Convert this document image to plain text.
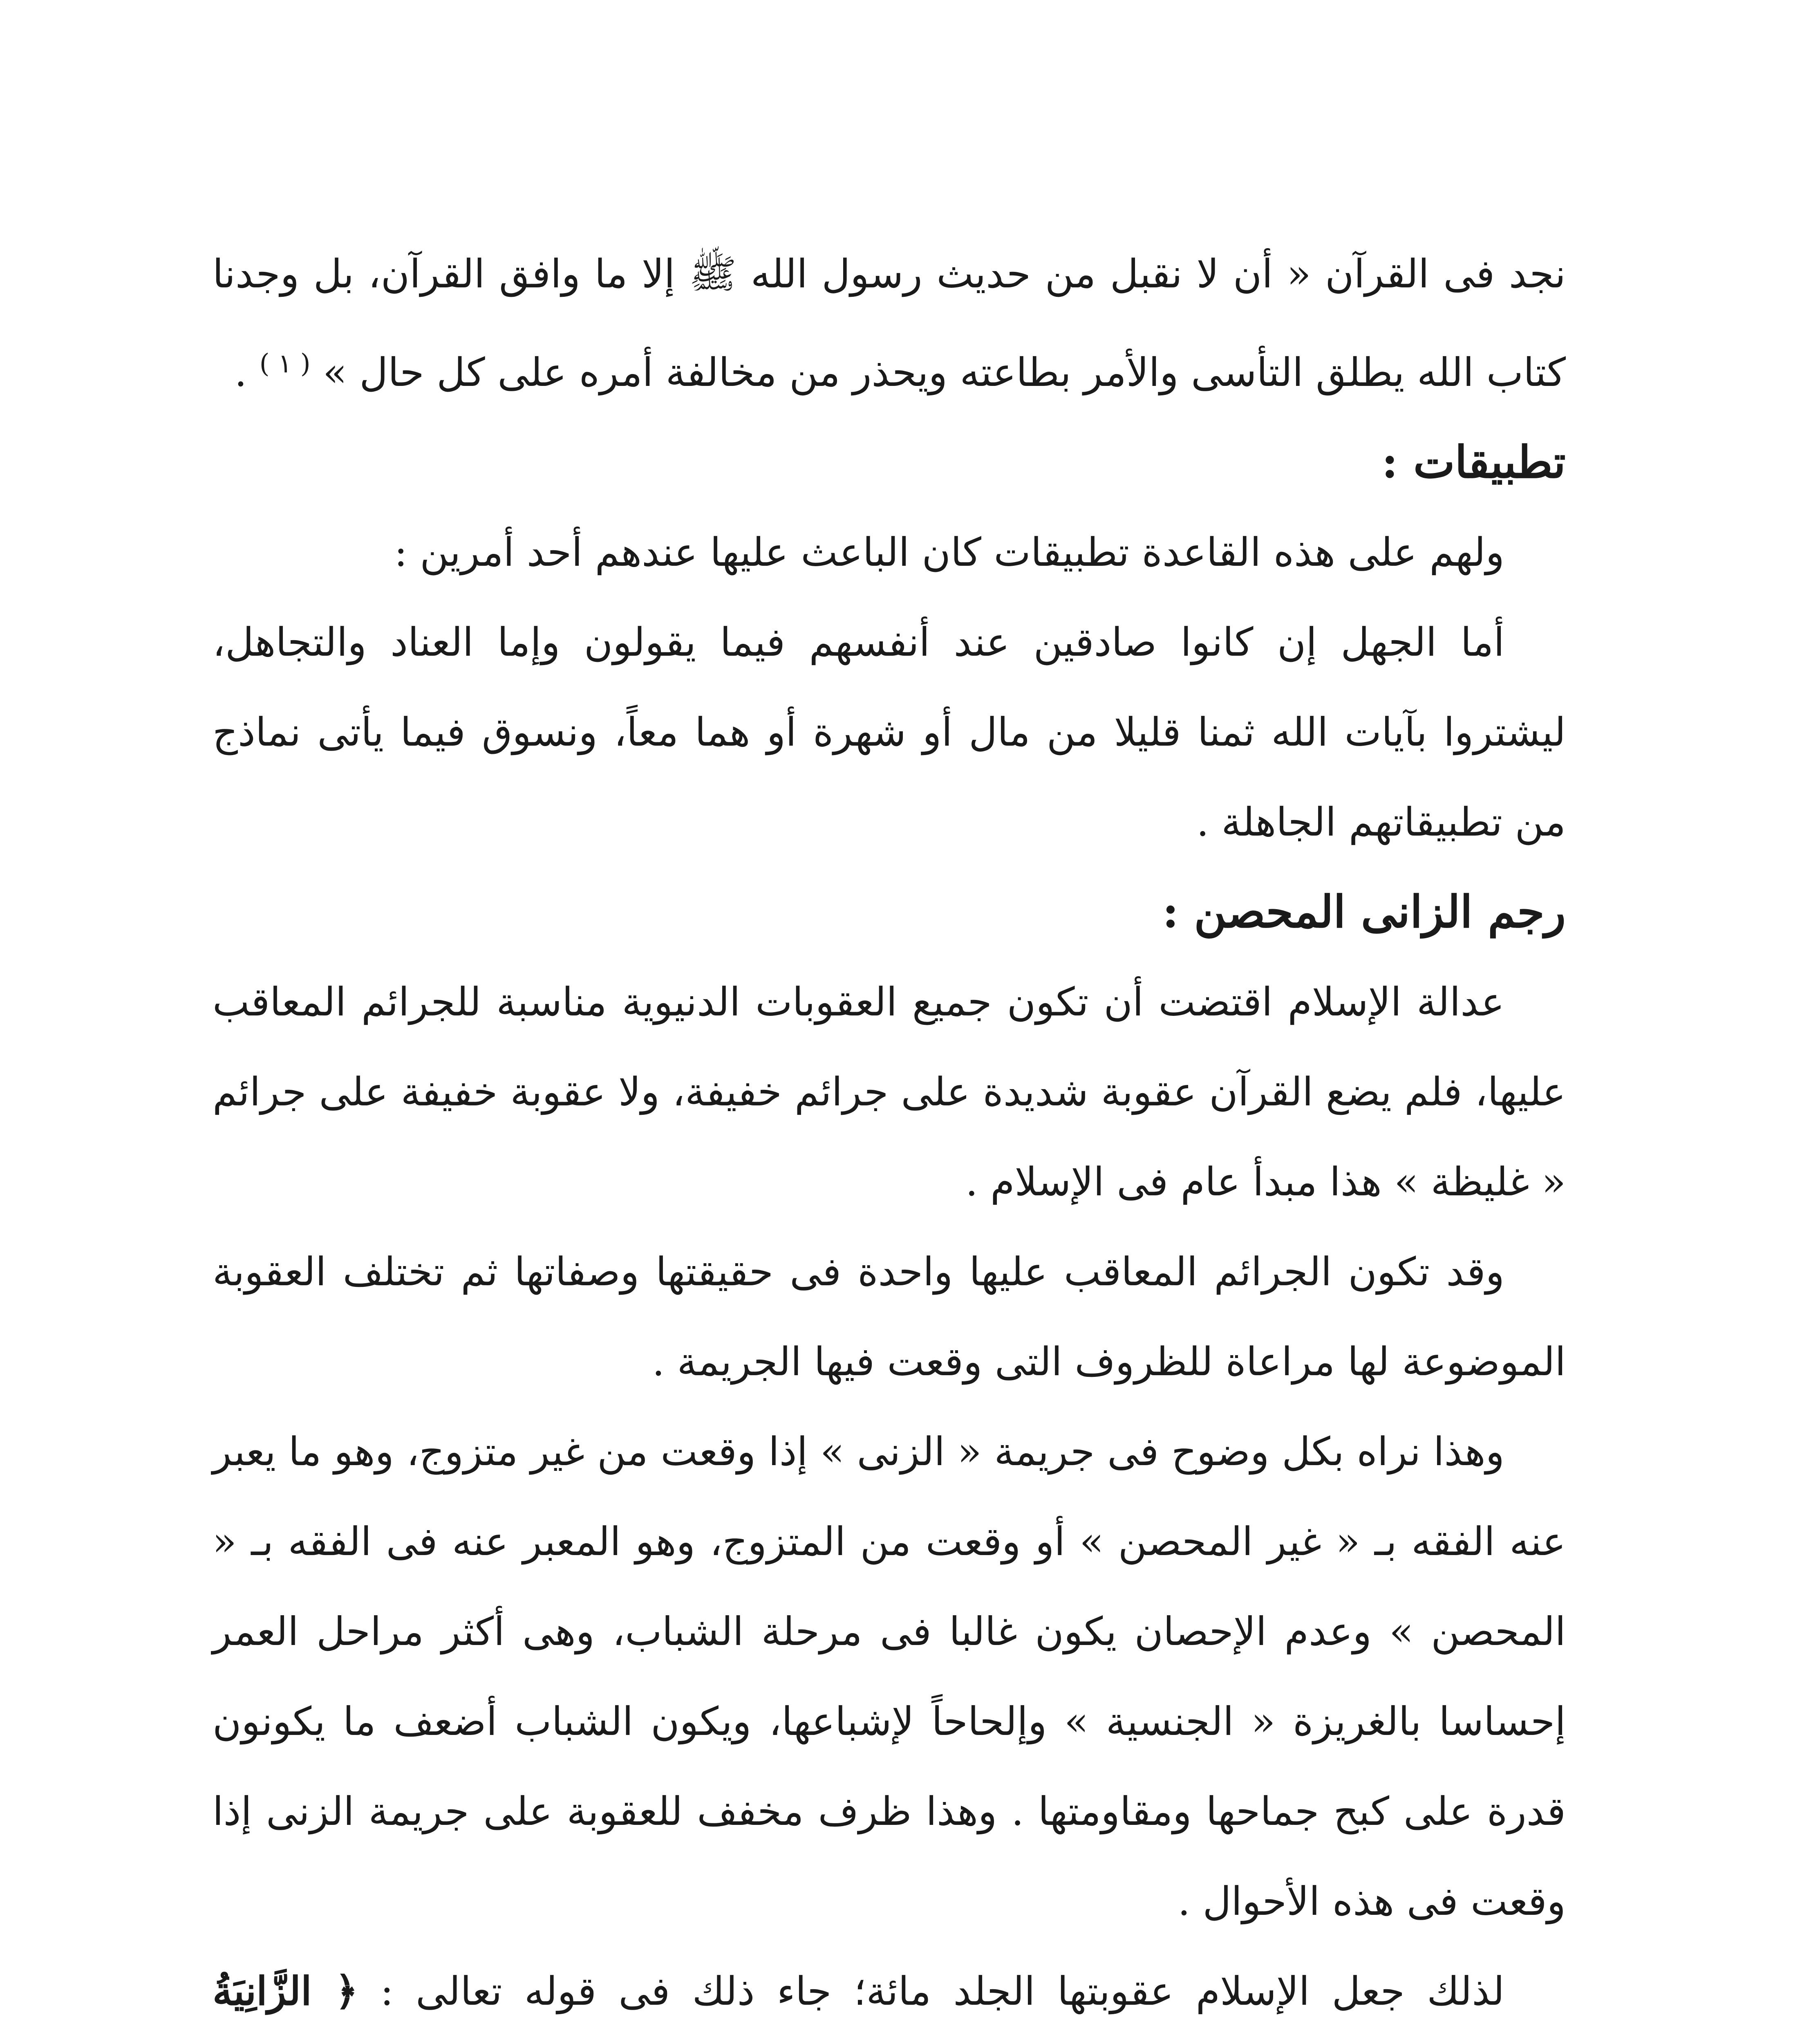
نجد فى القرآن « أن لا نقبل من حديث رسول الله ﷺ إلا ما وافق القرآن، بل وجدنا كتاب الله يطلق التأسى والأمر بطاعته ويحذر من مخالفة أمره على كل حال » $^{( ١ )}$ .

تطبيقات :

ولهم على هذه القاعدة تطبيقات كان الباعث عليها عندهم أحد أمرين :

أما الجهل إن كانوا صادقين عند أنفسهم فيما يقولون وإما العناد والتجاهل، ليشتروا بآيات الله ثمنا قليلا من مال أو شهرة أو هما معاً، ونسوق فيما يأتى نماذج من تطبيقاتهم الجاهلة .

رجم الزانى المحصن :

عدالة الإسلام اقتضت أن تكون جميع العقوبات الدنيوية مناسبة للجرائم المعاقب عليها، فلم يضع القرآن عقوبة شديدة على جرائم خفيفة، ولا عقوبة خفيفة على جرائم « غليظة » هذا مبدأ عام فى الإسلام .

وقد تكون الجرائم المعاقب عليها واحدة فى حقيقتها وصفاتها ثم تختلف العقوبة الموضوعة لها مراعاة للظروف التى وقعت فيها الجريمة .

وهذا نراه بكل وضوح فى جريمة « الزنى » إذا وقعت من غير متزوج، وهو ما يعبر عنه الفقه بـ « غير المحصن » أو وقعت من المتزوج، وهو المعبر عنه فى الفقه بـ « المحصن » وعدم الإحصان يكون غالبا فى مرحلة الشباب، وهى أكثر مراحل العمر إحساسا بالغريزة « الجنسية » وإلحاحاً لإشباعها، ويكون الشباب أضعف ما يكونون قدرة على كبح جماحها ومقاومتها . وهذا ظرف مخفف للعقوبة على جريمة الزنى إذا وقعت فى هذه الأحوال .

لذلك جعل الإسلام عقوبتها الجلد مائة؛ جاء ذلك فى قوله تعالى : ﴿ الزَّانِيَةُ
